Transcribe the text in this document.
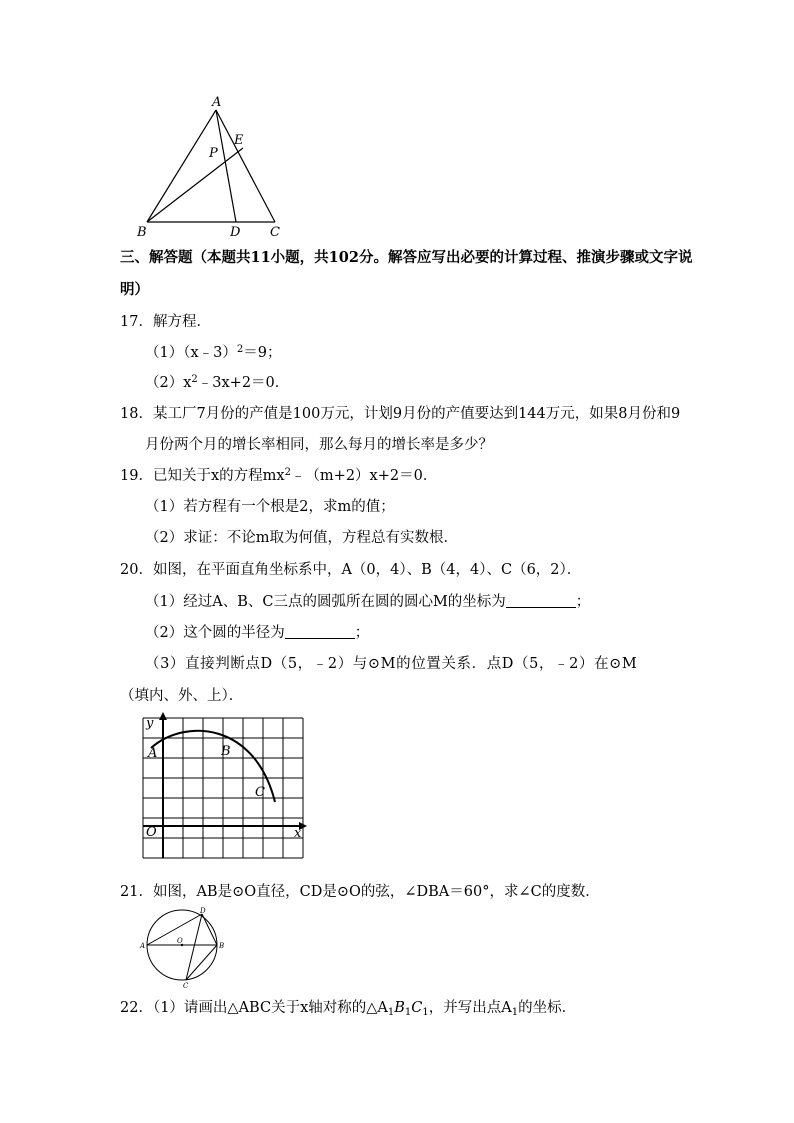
A
B	C
D
E
P
三、解答题（本题共11小题，共102分。解答应写出必要的计算过程、推演步骤或文字说
明）
17．解方程．
（1）（x﹣3）$^2$＝9；
$(2)x^2﹣3x+2=0$．
18．某工厂7月份的产值是100万元，计划9月份的产值要达到144万元，如果8月份和9
月份两个月的增长率相同，那么每月的增长率是多少？
19．已知关于x的方程$mx^2﹣(m+2)x+2=0$．
（1）若方程有一个根是2，求m的值；
（2）求证：不论m取为何值，方程总有实数根．
20．如图，在平面直角坐标系中，A（0，4）、B（4，4）、C（6，2）．
（1）经过A、B、C三点的圆弧所在圆的圆心M的坐标为	；
（2）这个圆的半径为	；
（3）直接判断点D（5，﹣2）与⊙M的位置关系．点D（5，﹣2）在⊙M
（填内、外、上）．
y
x
O
A	B
C
21．如图，AB是⊙O直径，CD是⊙O的弦，∠DBA＝60°，求∠C的度数．
A	B
C
D
O
22．（1）请画出△ABC关于x轴对称的$\triangle A_1B_1C_1$，并写出点$A_1$的坐标．
